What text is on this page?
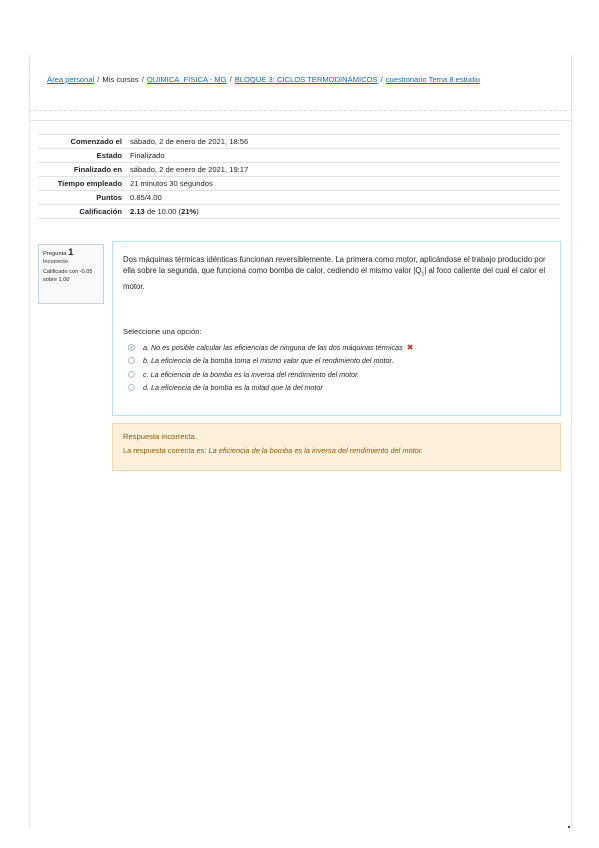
Área personal / Mis cursos / QUIMICA_FISICA - MG / BLOQUE 3: CICLOS TERMODINÁMICOS / cuestionario Tema 8 estudio
Comenzado el	sábado, 2 de enero de 2021, 18:56
Estado	Finalizado
Finalizado en	sábado, 2 de enero de 2021, 19:17
Tiempo empleado	21 minutos 30 segundos
Puntos	0.85/4.00
Calificación	2.13 de 10.00 (21%)
Pregunta 1
Incorrecto
Calificado con -0.05 sobre 1.00
Dos máquinas térmicas idénticas funcionan reversiblemente. La primera como motor, aplicándose el trabajo producido por ella sobre la segunda, que funciona como bomba de calor, cediendo el mismo valor $|Q_1|$ al foco caliente del cual el calor el motor.
Seleccione una opción:
a. No es posible calcular las eficiencias de ninguna de las dos máquinas térmicas ✖
b. La eficiencia de la bomba toma el mismo valor que el rendimiento del motor.
c. La eficiencia de la bomba es la inversa del rendimiento del motor.
d. La eficiencia de la bomba es la mitad que la del motor
Respuesta incorrecta.
La respuesta correcta es: La eficiencia de la bomba es la inversa del rendimiento del motor.
